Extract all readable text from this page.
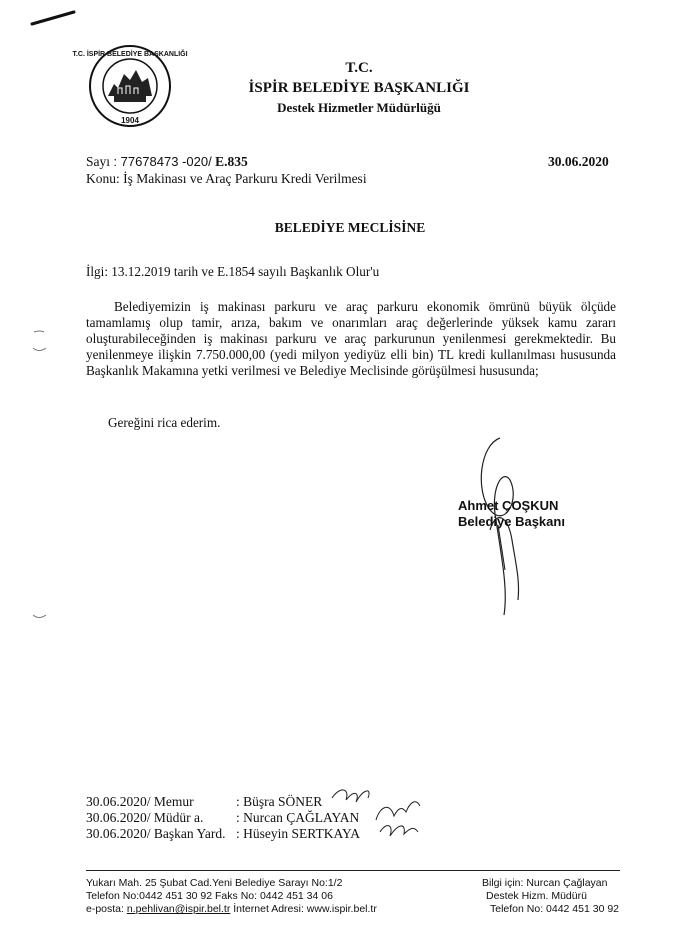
T.C. İSPİR BELEDİYE BAŞKANLIĞI
1904
T.C.
İSPİR BELEDİYE BAŞKANLIĞI
Destek Hizmetler Müdürlüğü
Sayı : 77678473 -020/ E.835
Konu: İş Makinası ve Araç Parkuru Kredi Verilmesi
30.06.2020
BELEDİYE MECLİSİNE
İlgi: 13.12.2019 tarih ve E.1854 sayılı Başkanlık Olur'u

Belediyemizin iş makinası parkuru ve araç parkuru ekonomik ömrünü büyük ölçüde tamamlamış olup tamir, arıza, bakım ve onarımları araç değerlerinde yüksek kamu zararı oluşturabileceğinden iş makinası parkuru ve araç parkurunun yenilenmesi gerekmektedir. Bu yenilenmeye ilişkin 7.750.000,00 (yedi milyon yediyüz elli bin) TL kredi kullanılması hususunda Başkanlık Makamına yetki verilmesi ve Belediye Meclisinde görüşülmesi hususunda;

Gereğini rica ederim.
Ahmet ÇOŞKUN
Belediye Başkanı
30.06.2020/ Memur	: Büşra SÖNER
30.06.2020/ Müdür a. : Nurcan ÇAĞLAYAN
30.06.2020/ Başkan Yard. : Hüseyin SERTKAYA
Yukarı Mah. 25 Şubat Cad.Yeni Belediye Sarayı No:1/2
Telefon No:0442 451 30 92 Faks No: 0442 451 34 06
e-posta: n.pehlivan@ispir.bel.tr İnternet Adresi: www.ispir.bel.tr
Bilgi için: Nurcan Çağlayan
Destek Hizm. Müdürü
Telefon No: 0442 451 30 92
